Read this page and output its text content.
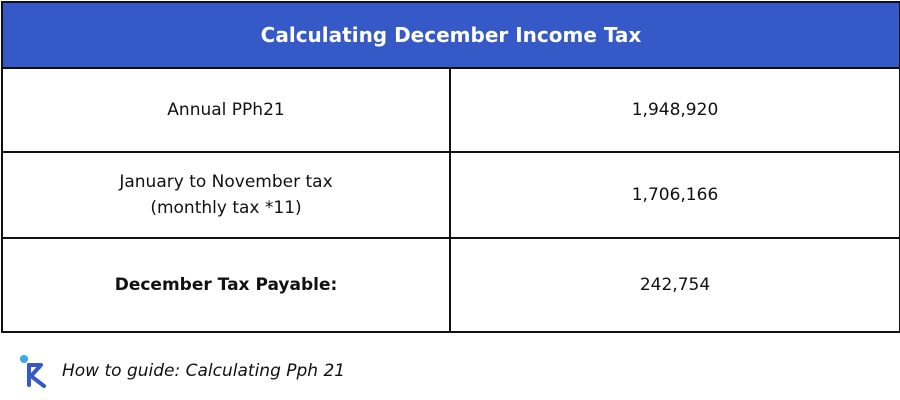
Calculating December Income Tax
Annual PPh21	1,948,920
January to November tax
(monthly tax *11)
1,706,166
December Tax Payable:	242,754
How to guide: Calculating Pph 21
